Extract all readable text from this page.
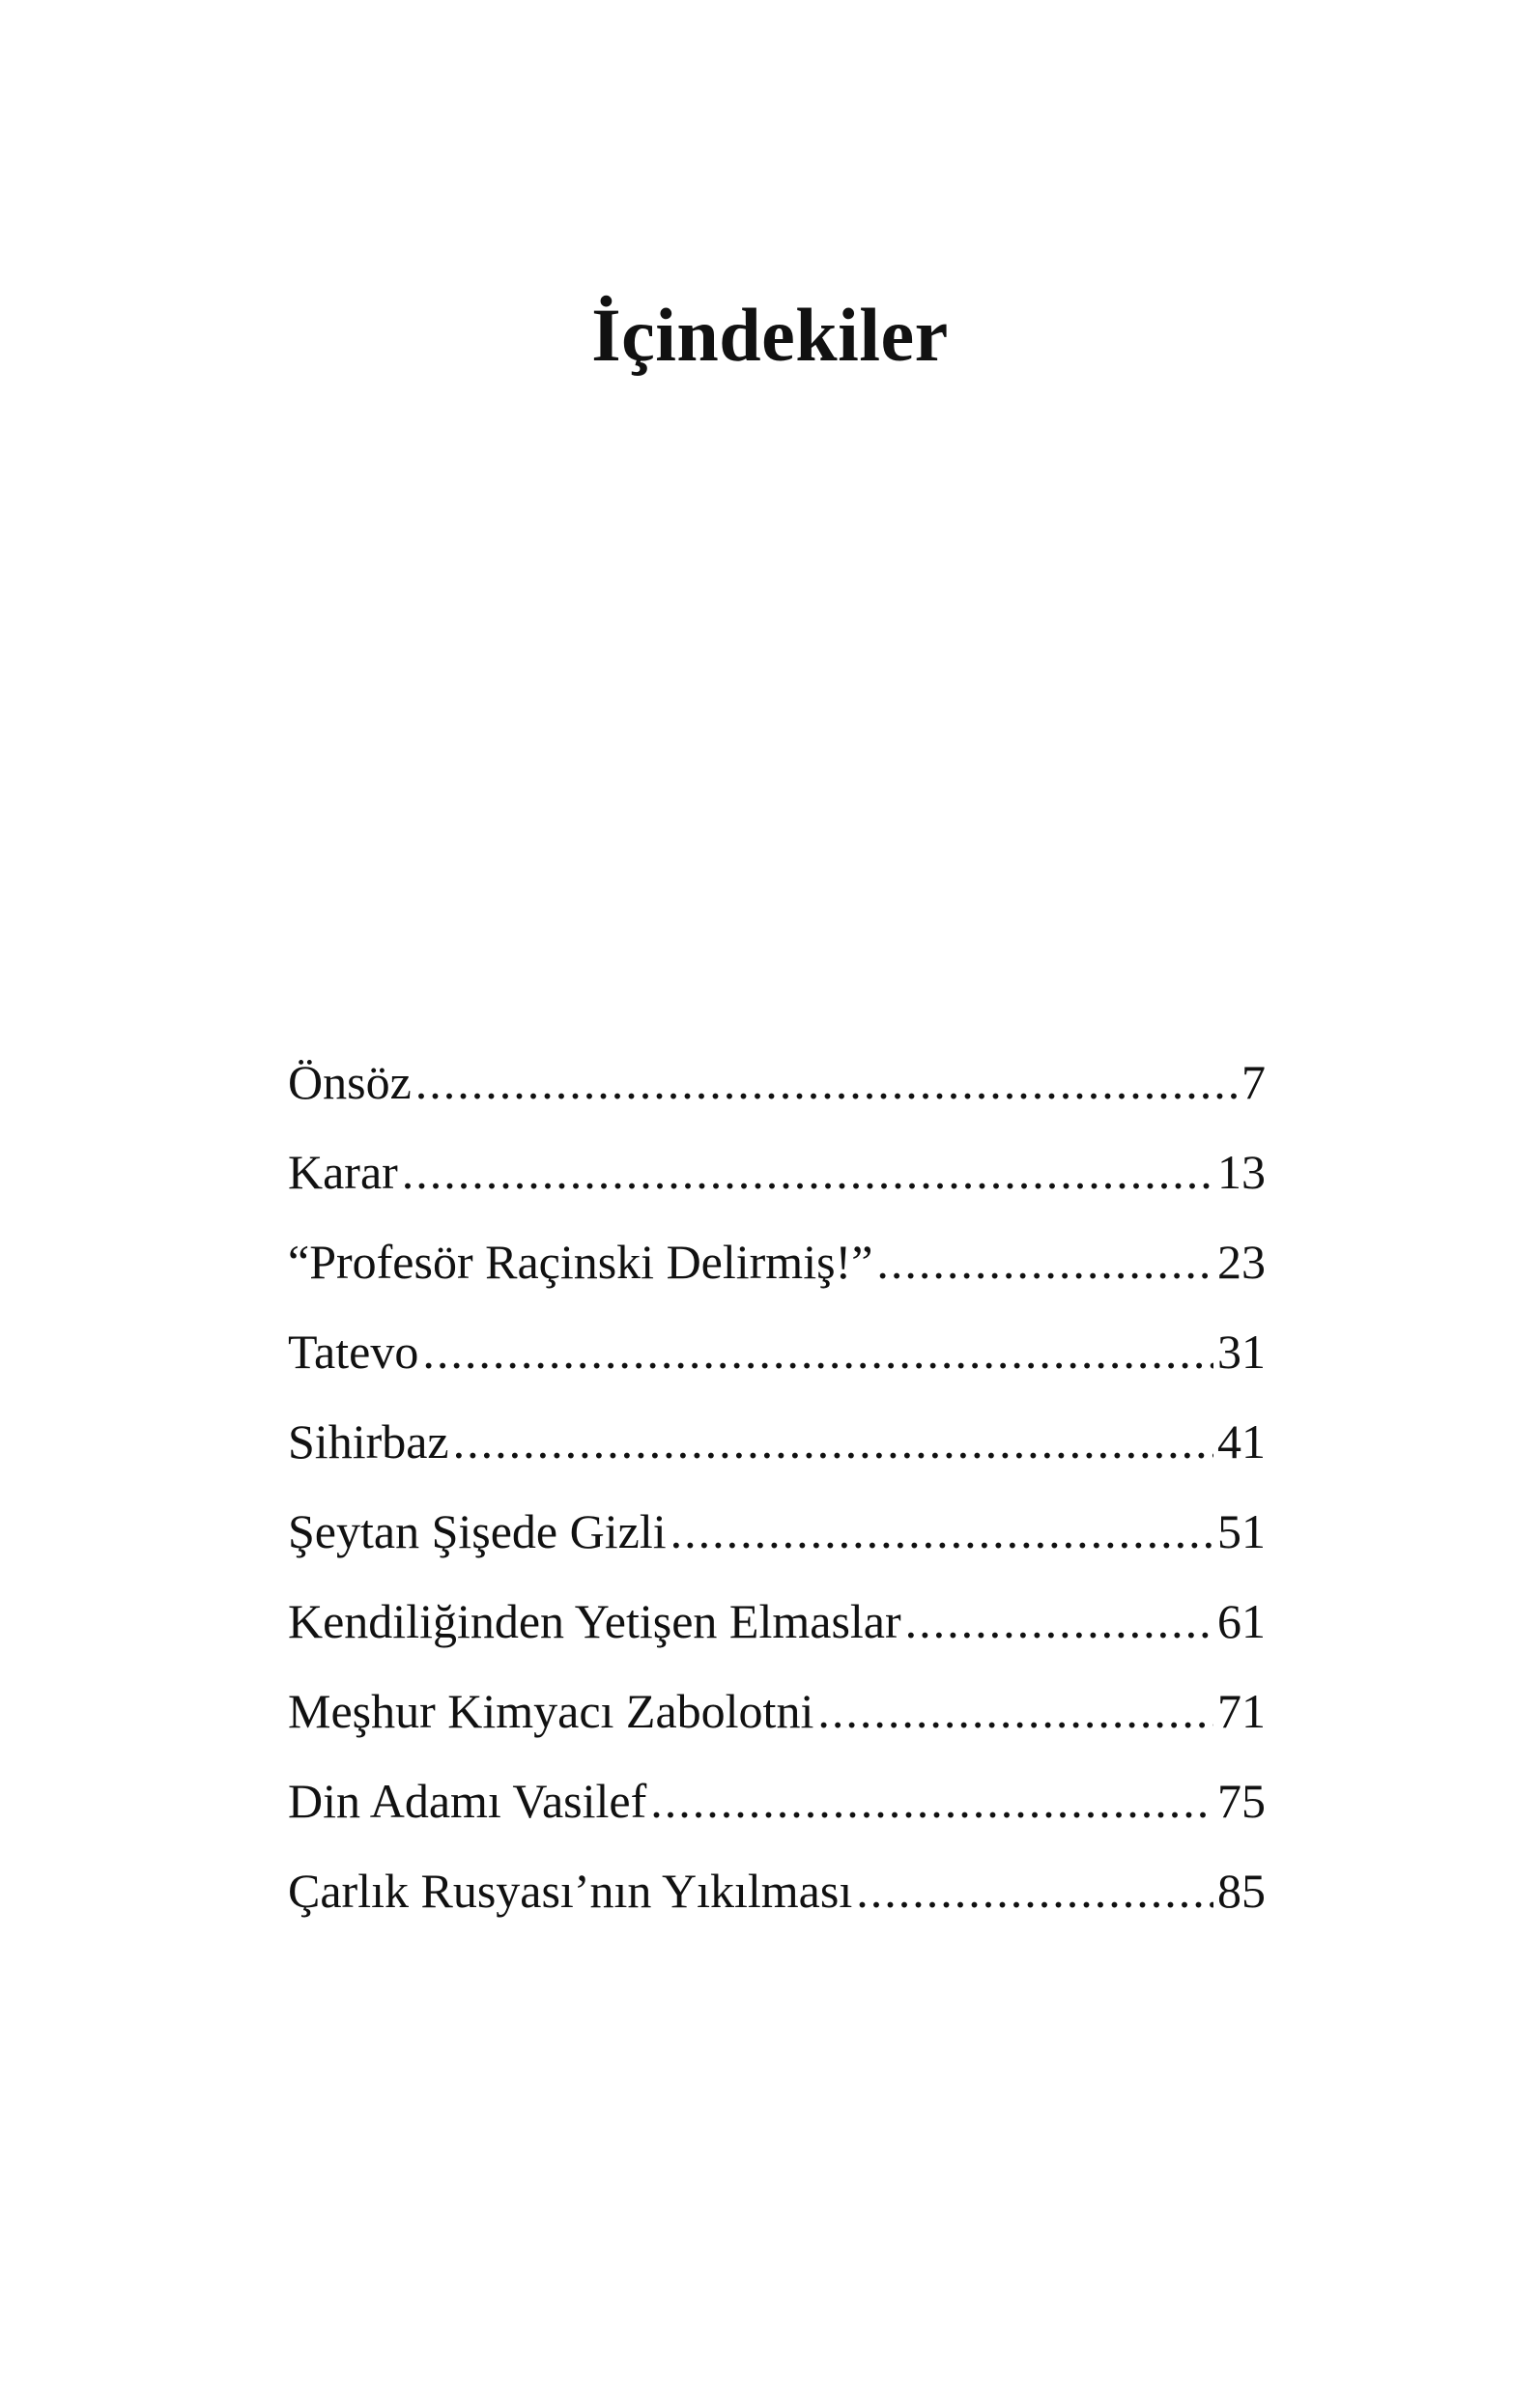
İçindekiler
Önsöz .....	7
Karar .....	13
“Profesör Raçinski Delirmiş!” .....	23
Tatevo .....	31
Sihirbaz .....	41
Şeytan Şişede Gizli .....	51
Kendiliğinden Yetişen Elmaslar .....	61
Meşhur Kimyacı Zabolotni .....	71
Din Adamı Vasilef .....	75
Çarlık Rusyası’nın Yıkılması .....	85
